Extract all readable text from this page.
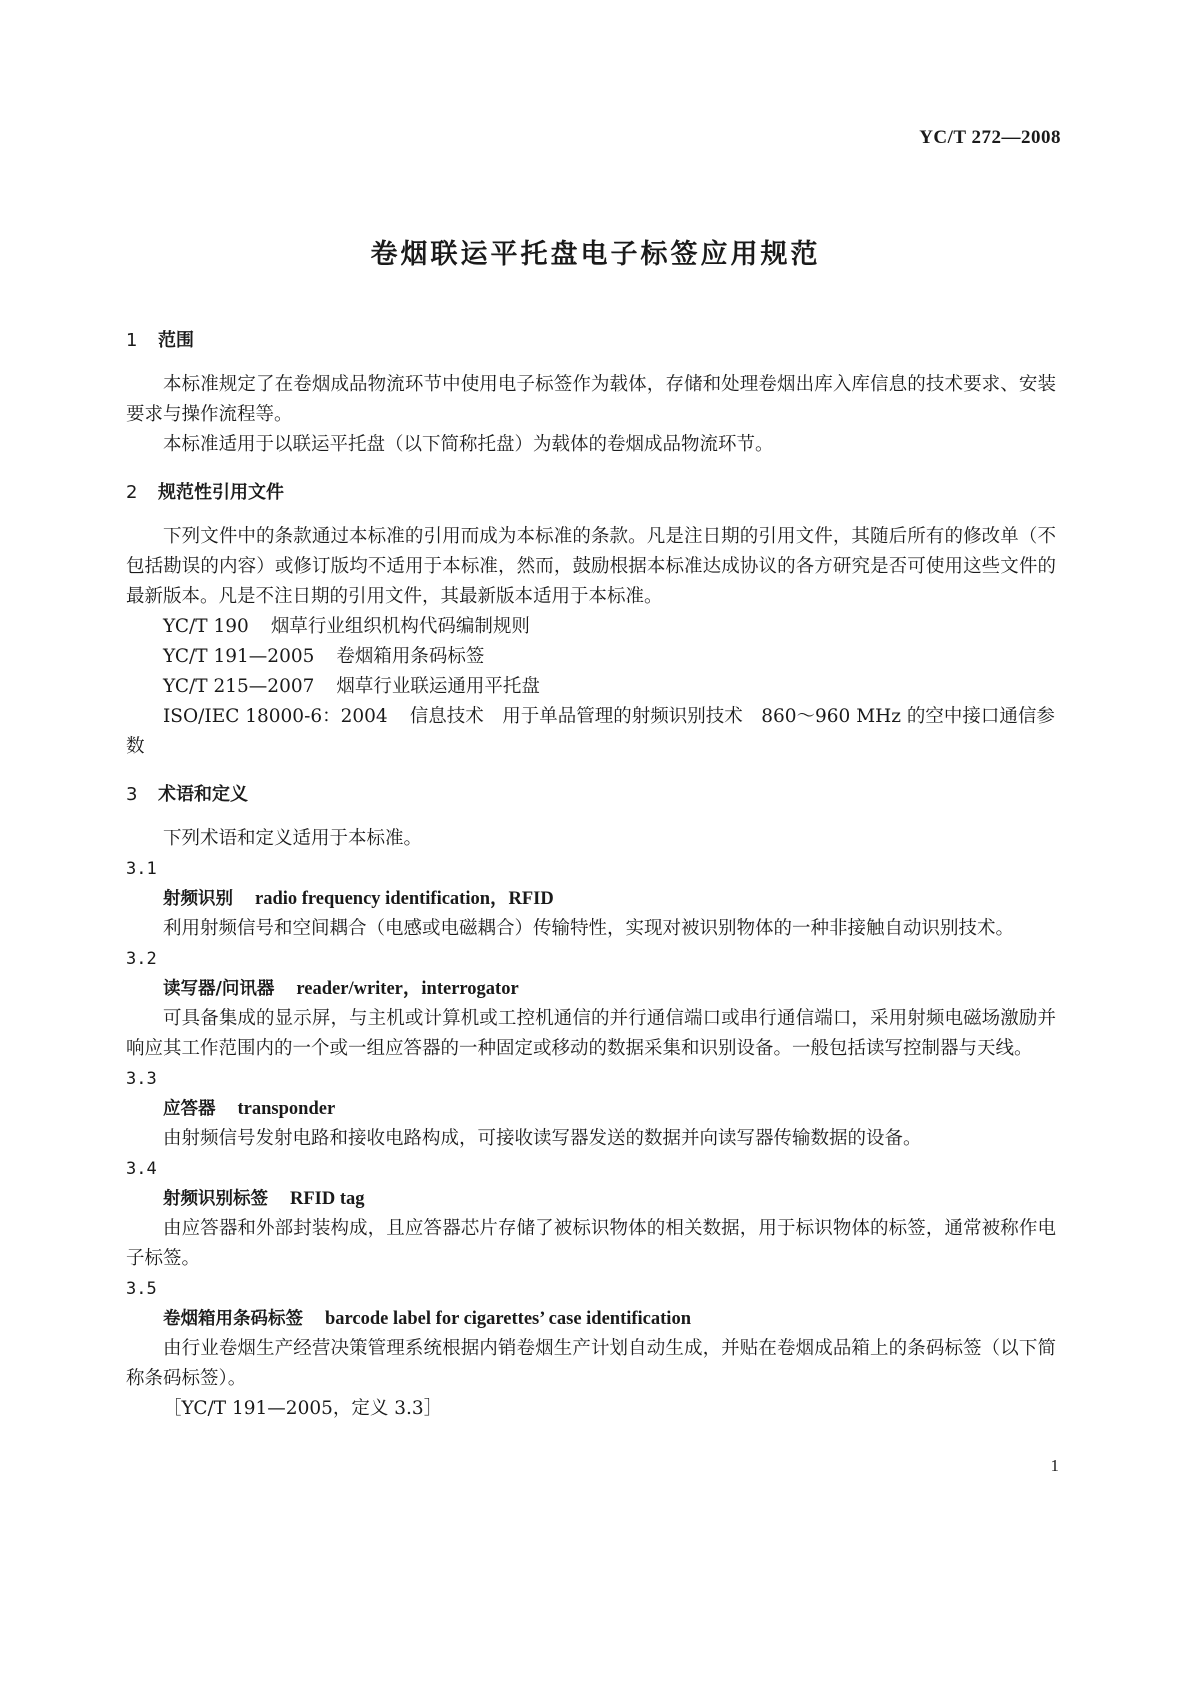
YC/T 272—2008
卷烟联运平托盘电子标签应用规范
1 范围

本标准规定了在卷烟成品物流环节中使用电子标签作为载体，存储和处理卷烟出库入库信息的技术要求、安装要求与操作流程等。

本标准适用于以联运平托盘（以下简称托盘）为载体的卷烟成品物流环节。

2 规范性引用文件

下列文件中的条款通过本标准的引用而成为本标准的条款。凡是注日期的引用文件，其随后所有的修改单（不包括勘误的内容）或修订版均不适用于本标准，然而，鼓励根据本标准达成协议的各方研究是否可使用这些文件的最新版本。凡是不注日期的引用文件，其最新版本适用于本标准。

YC/T 190 烟草行业组织机构代码编制规则

YC/T 191—2005 卷烟箱用条码标签

YC/T 215—2007 烟草行业联运通用平托盘

ISO/IEC 18000-6：2004 信息技术　用于单品管理的射频识别技术　860～960 MHz 的空中接口通信参数

3 术语和定义

下列术语和定义适用于本标准。

3.1

射频识别 radio frequency identification，RFID

利用射频信号和空间耦合（电感或电磁耦合）传输特性，实现对被识别物体的一种非接触自动识别技术。

3.2

读写器/问讯器 reader/writer，interrogator

可具备集成的显示屏，与主机或计算机或工控机通信的并行通信端口或串行通信端口，采用射频电磁场激励并响应其工作范围内的一个或一组应答器的一种固定或移动的数据采集和识别设备。一般包括读写控制器与天线。

3.3

应答器 transponder

由射频信号发射电路和接收电路构成，可接收读写器发送的数据并向读写器传输数据的设备。

3.4

射频识别标签 RFID tag

由应答器和外部封装构成，且应答器芯片存储了被标识物体的相关数据，用于标识物体的标签，通常被称作电子标签。

3.5

卷烟箱用条码标签 barcode label for cigarettes’ case identification

由行业卷烟生产经营决策管理系统根据内销卷烟生产计划自动生成，并贴在卷烟成品箱上的条码标签（以下简称条码标签）。

［YC/T 191—2005，定义 3.3］

1
